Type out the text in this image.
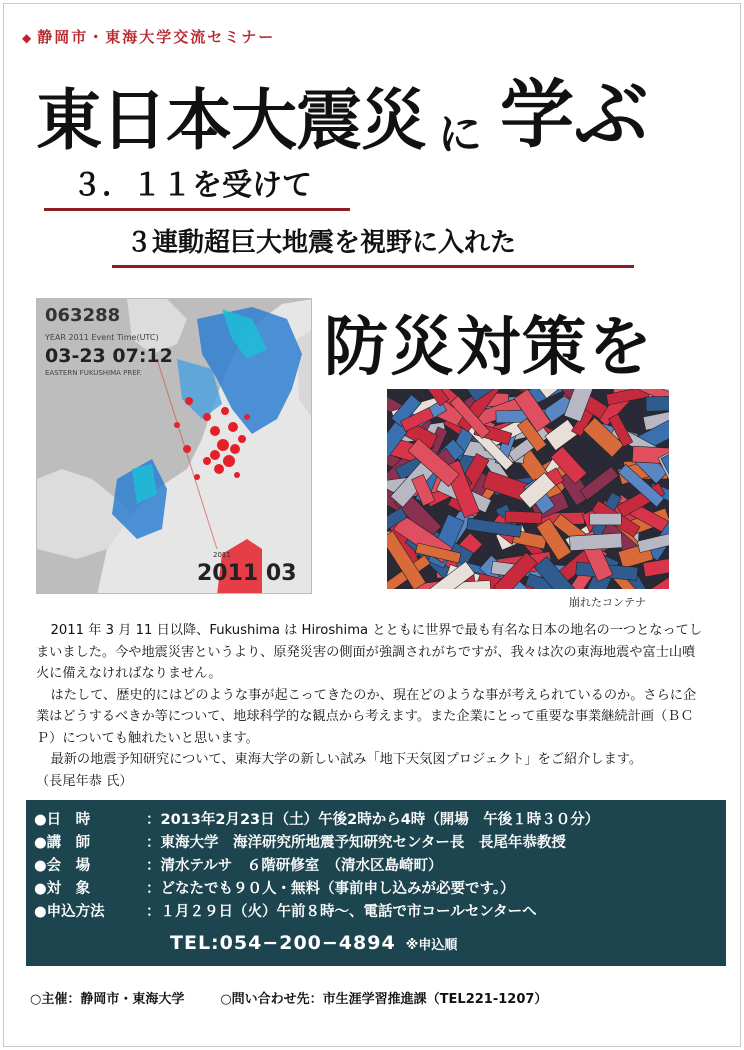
◆ 静岡市・東海大学交流セミナー
東日本大震災 に 学ぶ
３．１１を受けて
３連動超巨大地震を視野に入れた
063288
YEAR 2011 Event Time(UTC)
03-23 07:12
EASTERN FUKUSHIMA PREF.
2011
2011 03
防災対策を
崩れたコンテナ

2011 年 3 月 11 日以降、Fukushima は Hiroshima とともに世界で最も有名な日本の地名の一つとなってしまいました。今や地震災害というより、原発災害の側面が強調されがちですが、我々は次の東海地震や富士山噴火に備えなければなりません。

はたして、歴史的にはどのような事が起こってきたのか、現在どのような事が考えられているのか。さらに企業はどうするべきか等について、地球科学的な観点から考えます。また企業にとって重要な事業継続計画（ＢＣＰ）についても触れたいと思います。

最新の地震予知研究について、東海大学の新しい試み「地下天気図プロジェクト」をご紹介します。

（長尾年恭 氏）

●日　時	：2013年2月23日（土）午後2時から4時（開場　午後１時３０分）
●講　師	：東海大学　海洋研究所地震予知研究センター長　長尾年恭教授
●会　場	：清水テルサ　６階研修室　（清水区島崎町）
●対　象	：どなたでも９０人・無料（事前申し込みが必要です。）
●申込方法	：１月２９日（火）午前８時～、電話で市コールセンターへ
TEL:054−200−4894 ※申込順
○主催：静岡市・東海大学	○問い合わせ先：市生涯学習推進課（TEL221-1207）
